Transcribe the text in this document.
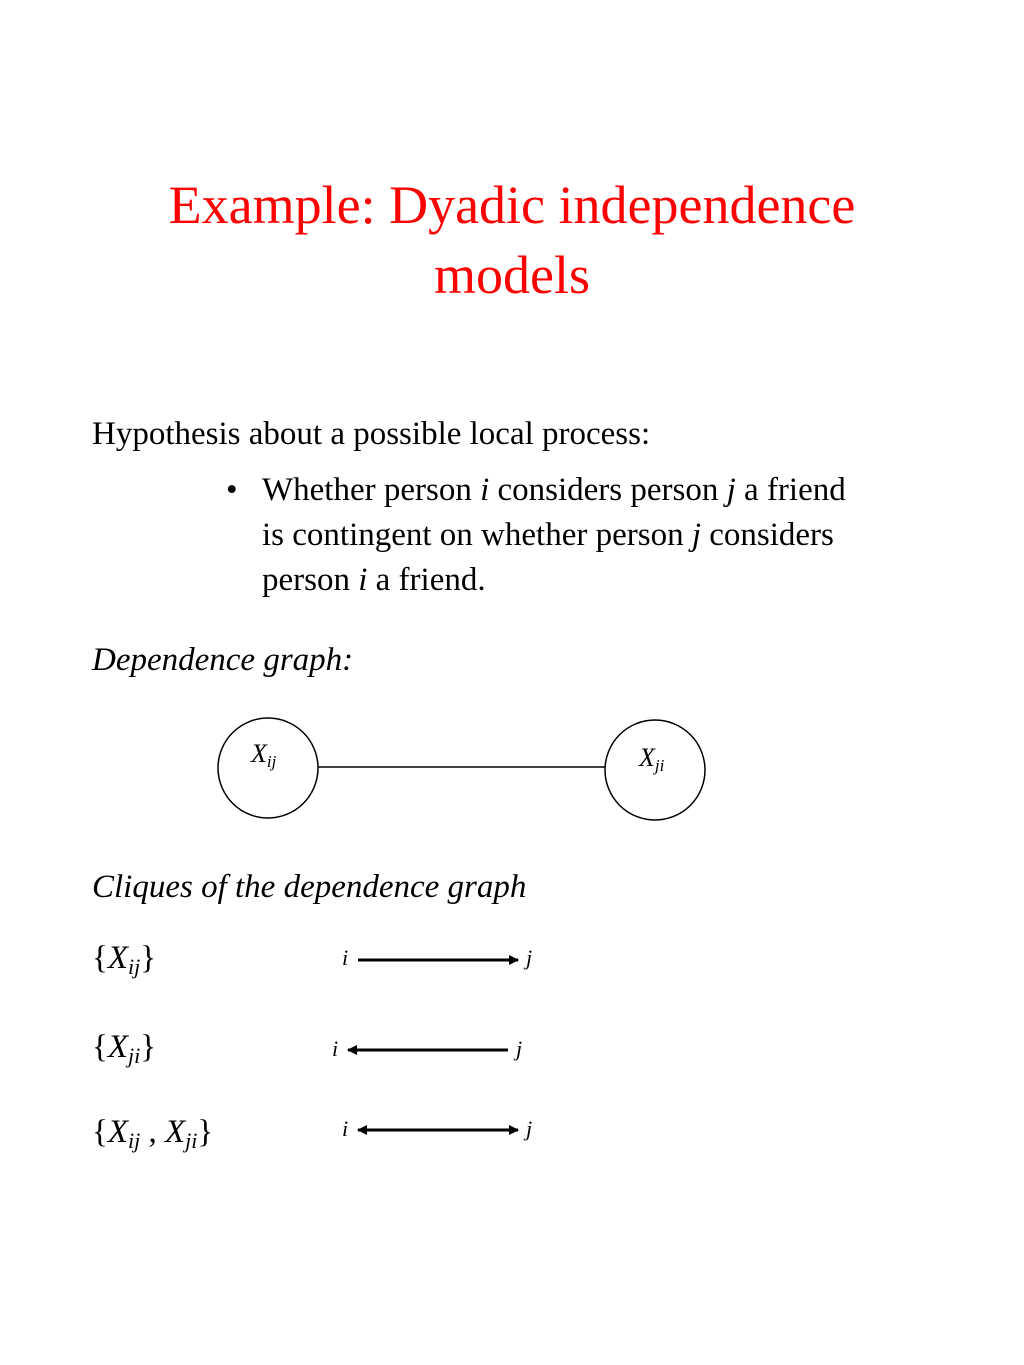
Example: Dyadic independence
models
Hypothesis about a possible local process:
• Whether person i considers person j a friend
is contingent on whether person j considers
person i a friend.
Dependence graph:
$X_{ij}$	$X_{ji}$
Cliques of the dependence graph
$\{X_{ij}\}$	i	j
$\{X_{ji}\}$	i	j
{$X_{ij}$ , $X_{ji}$}	i	j
